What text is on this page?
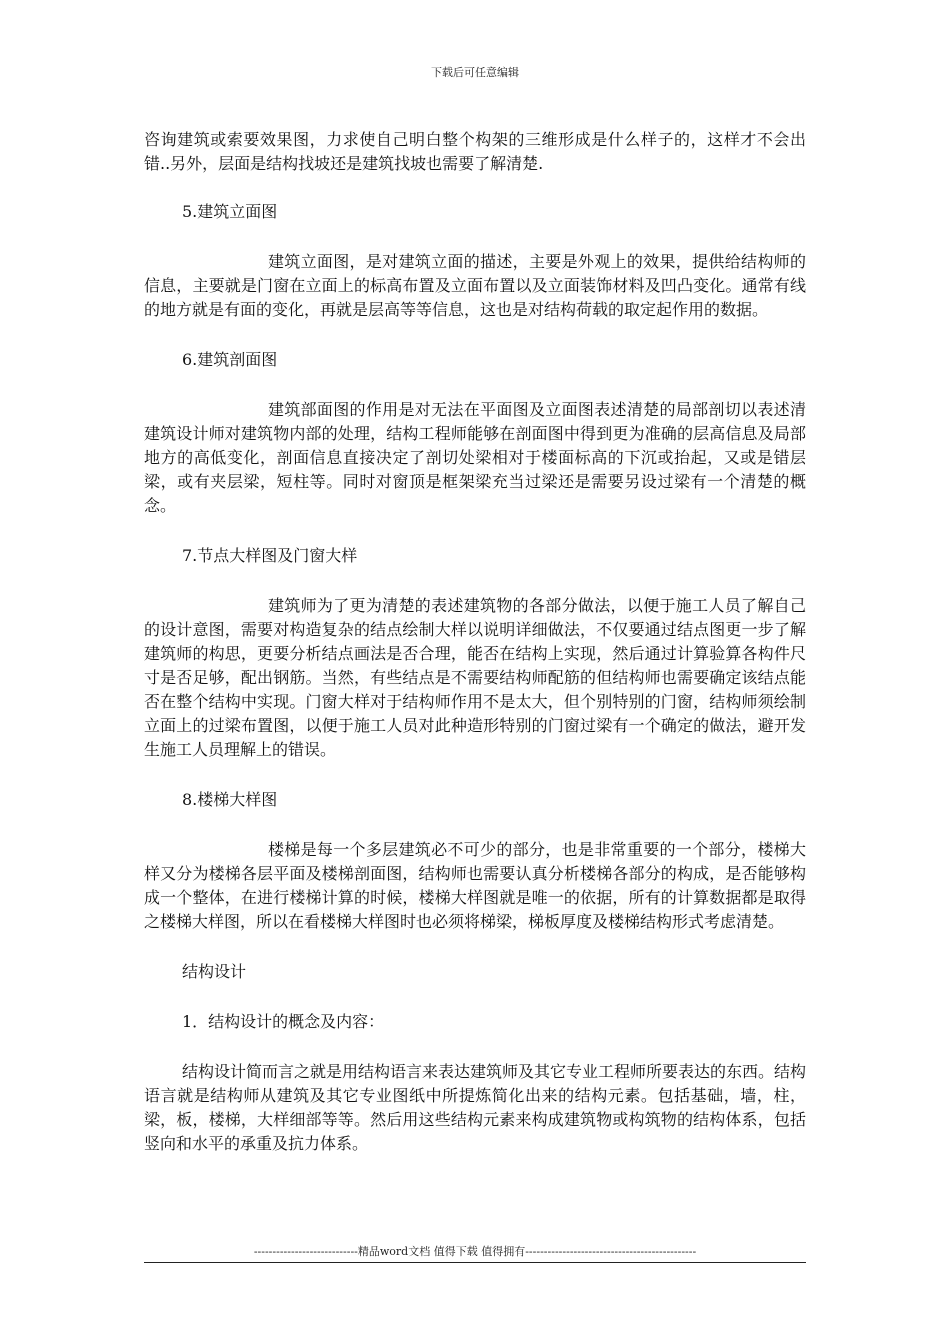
下载后可任意编辑

咨询建筑或索要效果图，力求使自己明白整个构架的三维形成是什么样子的，这样才不会出错..另外，层面是结构找坡还是建筑找坡也需要了解清楚.

5.建筑立面图

建筑立面图，是对建筑立面的描述，主要是外观上的效果，提供给结构师的信息，主要就是门窗在立面上的标高布置及立面布置以及立面装饰材料及凹凸变化。通常有线的地方就是有面的变化，再就是层高等等信息，这也是对结构荷载的取定起作用的数据。

6.建筑剖面图

建筑部面图的作用是对无法在平面图及立面图表述清楚的局部剖切以表述清建筑设计师对建筑物内部的处理，结构工程师能够在剖面图中得到更为准确的层高信息及局部地方的高低变化，剖面信息直接决定了剖切处梁相对于楼面标高的下沉或抬起，又或是错层梁，或有夹层梁，短柱等。同时对窗顶是框架梁充当过梁还是需要另设过梁有一个清楚的概念。

7.节点大样图及门窗大样

建筑师为了更为清楚的表述建筑物的各部分做法，以便于施工人员了解自己的设计意图，需要对构造复杂的结点绘制大样以说明详细做法，不仅要通过结点图更一步了解建筑师的构思，更要分析结点画法是否合理，能否在结构上实现，然后通过计算验算各构件尺寸是否足够，配出钢筋。当然，有些结点是不需要结构师配筋的但结构师也需要确定该结点能否在整个结构中实现。门窗大样对于结构师作用不是太大，但个别特别的门窗，结构师须绘制立面上的过梁布置图，以便于施工人员对此种造形特别的门窗过梁有一个确定的做法，避开发生施工人员理解上的错误。

8.楼梯大样图

楼梯是每一个多层建筑必不可少的部分，也是非常重要的一个部分，楼梯大样又分为楼梯各层平面及楼梯剖面图，结构师也需要认真分析楼梯各部分的构成，是否能够构成一个整体，在进行楼梯计算的时候，楼梯大样图就是唯一的依据，所有的计算数据都是取得之楼梯大样图，所以在看楼梯大样图时也必须将梯梁，梯板厚度及楼梯结构形式考虑清楚。

结构设计

1．结构设计的概念及内容：

结构设计简而言之就是用结构语言来表达建筑师及其它专业工程师所要表达的东西。结构语言就是结构师从建筑及其它专业图纸中所提炼简化出来的结构元素。包括基础，墙，柱，梁，板，楼梯，大样细部等等。然后用这些结构元素来构成建筑物或构筑物的结构体系，包括竖向和水平的承重及抗力体系。

----------------------------精品word文档 值得下载 值得拥有----------------------------------------------
